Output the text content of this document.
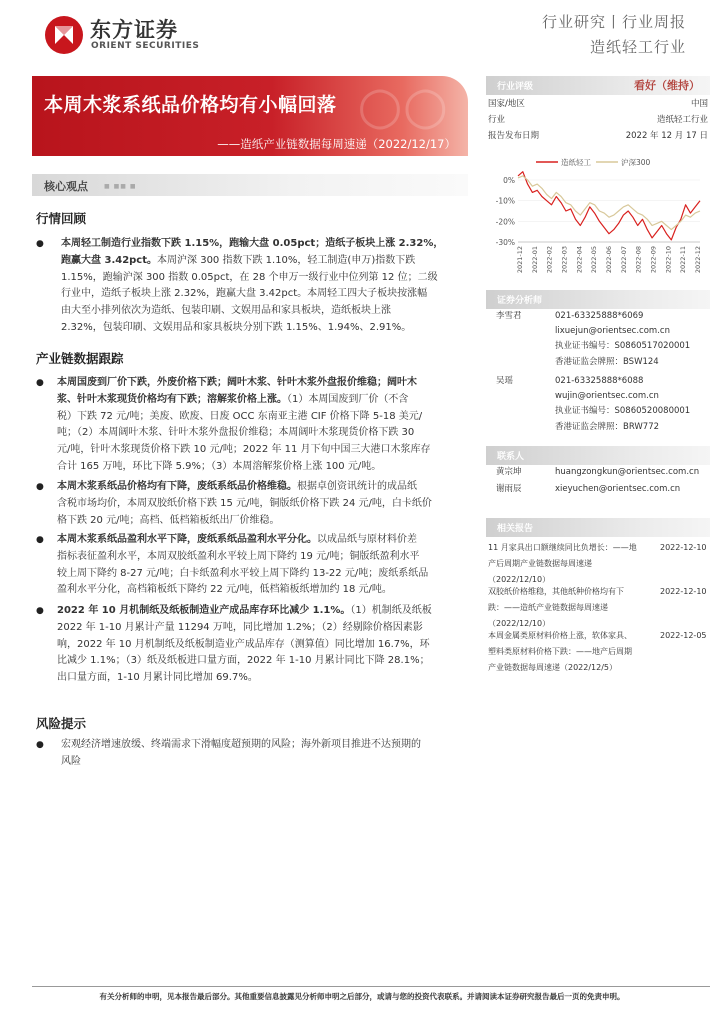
东方证券
ORIENT SECURITIES
行业研究丨行业周报
造纸轻工行业
○○
本周木浆系纸品价格均有小幅回落
——造纸产业链数据每周速递（2022/12/17）
核心观点	■ ■■ ■
行情回顾
● 本周轻工制造行业指数下跌 1.15%，跑输大盘 0.05pct；造纸子板块上涨 2.32%，
跑赢大盘 3.42pct。本周沪深 300 指数下跌 1.10%，轻工制造(申万)指数下跌
1.15%，跑输沪深 300 指数 0.05pct，在 28 个申万一级行业中位列第 12 位；二级
行业中，造纸子板块上涨 2.32%，跑赢大盘 3.42pct。本周轻工四大子板块按涨幅
由大至小排列依次为造纸、包装印刷、文娱用品和家具板块，造纸板块上涨
2.32%，包装印刷、文娱用品和家具板块分别下跌 1.15%、1.94%、2.91%。
产业链数据跟踪
● 本周国废到厂价下跌，外废价格下跌；阔叶木浆、针叶木浆外盘报价维稳；阔叶木
浆、针叶木浆现货价格均有下跌；溶解浆价格上涨。（1）本周国废到厂价（不含
税）下跌 72 元/吨；美废、欧废、日废 OCC 东南亚主港 CIF 价格下降 5-18 美元/
吨；（2）本周阔叶木浆、针叶木浆外盘报价维稳；本周阔叶木浆现货价格下跌 30
元/吨，针叶木浆现货价格下跌 10 元/吨；2022 年 11 月下旬中国三大港口木浆库存
合计 165 万吨，环比下降 5.9%；（3）本周溶解浆价格上涨 100 元/吨。
● 本周木浆系纸品价格均有下降，废纸系纸品价格维稳。根据卓创资讯统计的成品纸
含税市场均价，本周双胶纸价格下跌 15 元/吨，铜版纸价格下跌 24 元/吨，白卡纸价
格下跌 20 元/吨；高档、低档箱板纸出厂价维稳。
● 本周木浆系纸品盈利水平下降，废纸系纸品盈利水平分化。以成品纸与原材料价差
指标表征盈利水平，本周双胶纸盈利水平较上周下降约 19 元/吨；铜版纸盈利水平
较上周下降约 8-27 元/吨；白卡纸盈利水平较上周下降约 13-22 元/吨；废纸系纸品
盈利水平分化，高档箱板纸下降约 22 元/吨，低档箱板纸增加约 18 元/吨。
● 2022 年 10 月机制纸及纸板制造业产成品库存环比减少 1.1%。（1）机制纸及纸板
2022 年 1-10 月累计产量 11294 万吨，同比增加 1.2%；（2）经剔除价格因素影
响，2022 年 10 月机制纸及纸板制造业产成品库存（测算值）同比增加 16.7%，环
比减少 1.1%；（3）纸及纸板进口量方面，2022 年 1-10 月累计同比下降 28.1%；
出口量方面，1-10 月累计同比增加 69.7%。
风险提示
● 宏观经济增速放缓、终端需求下滑幅度超预期的风险；海外新项目推进不达预期的
风险
行业评级	看好（维持）
国家/地区	中国
行业	造纸轻工行业
报告发布日期	2022 年 12 月 17 日
造纸轻工	沪深300
0%
-10%
-20%
-30%
2021-12 2022-01 2022-02 2022-03 2022-04 2022-05 2022-06 2022-07 2022-08 2022-09 2022-10 2022-11 2022-12
证券分析师
李雪君	021-63325888*6069
lixuejun@orientsec.com.cn
执业证书编号：S0860517020001
香港证监会牌照：BSW124
吴瑶	021-63325888*6088
wujin@orientsec.com.cn
执业证书编号：S0860520080001
香港证监会牌照：BRW772
联系人
黄宗坤	huangzongkun@orientsec.com.cn
谢雨辰	xieyuchen@orientsec.com.cn
相关报告
11 月家具出口额继续同比负增长：——地
产后周期产业链数据每周速递
（2022/12/10）
2022-12-10
双胶纸价格维稳，其他纸种价格均有下
跌：——造纸产业链数据每周速递
（2022/12/10）
2022-12-10
本周金属类原材料价格上涨，软体家具、
塑料类原材料价格下跌：——地产后周期
产业链数据每周速递（2022/12/5）
2022-12-05
有关分析师的申明，见本报告最后部分。其他重要信息披露见分析师申明之后部分，或请与您的投资代表联系。并请阅读本证券研究报告最后一页的免责申明。
